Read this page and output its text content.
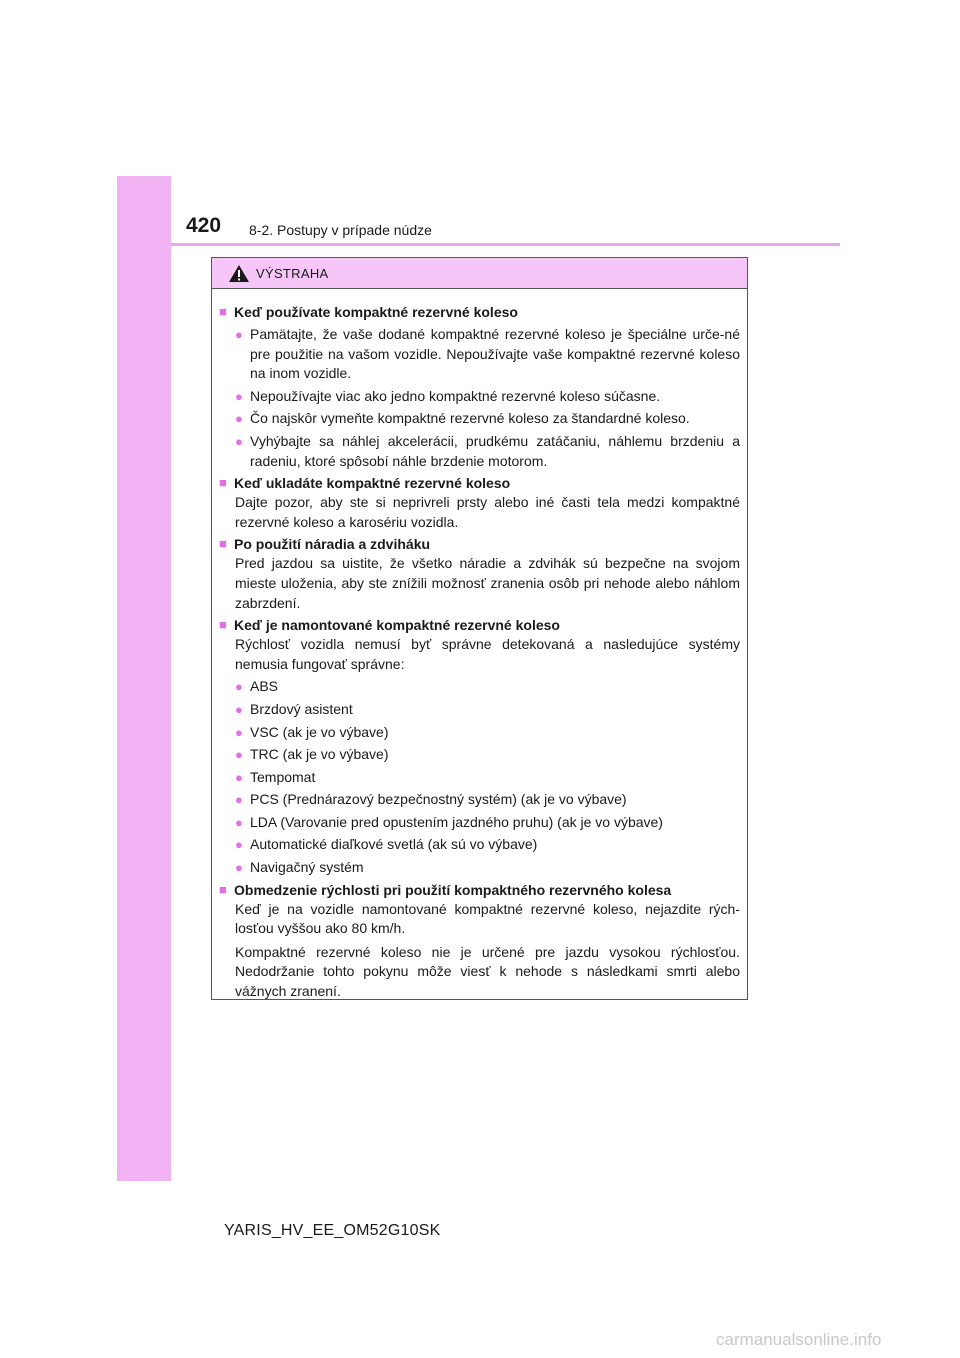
420 8-2. Postupy v prípade núdze
VÝSTRAHA
■ Keď používate kompaktné rezervné koleso
● Pamätajte, že vaše dodané kompaktné rezervné koleso je špeciálne urče-né pre použitie na vašom vozidle. Nepoužívajte vaše kompaktné rezervné koleso na inom vozidle.
● Nepoužívajte viac ako jedno kompaktné rezervné koleso súčasne.
● Čo najskôr vymeňte kompaktné rezervné koleso za štandardné koleso.
● Vyhýbajte sa náhlej akcelerácii, prudkému zatáčaniu, náhlemu brzdeniu a radeniu, ktoré spôsobí náhle brzdenie motorom.
■ Keď ukladáte kompaktné rezervné koleso
Dajte pozor, aby ste si neprivreli prsty alebo iné časti tela medzi kompaktné rezervné koleso a karosériu vozidla.
■ Po použití náradia a zdviháku
Pred jazdou sa uistite, že všetko náradie a zdvihák sú bezpečne na svojom mieste uloženia, aby ste znížili možnosť zranenia osôb pri nehode alebo náhlom zabrzdení.
■ Keď je namontované kompaktné rezervné koleso
Rýchlosť vozidla nemusí byť správne detekovaná a nasledujúce systémy nemusia fungovať správne:
● ABS
● Brzdový asistent
● VSC (ak je vo výbave)
● TRC (ak je vo výbave)
● Tempomat
● PCS (Prednárazový bezpečnostný systém) (ak je vo výbave)
● LDA (Varovanie pred opustením jazdného pruhu) (ak je vo výbave)
● Automatické diaľkové svetlá (ak sú vo výbave)
● Navigačný systém
■ Obmedzenie rýchlosti pri použití kompaktného rezervného kolesa
Keď je na vozidle namontované kompaktné rezervné koleso, nejazdite rých-losťou vyššou ako 80 km/h.
Kompaktné rezervné koleso nie je určené pre jazdu vysokou rýchlosťou. Nedodržanie tohto pokynu môže viesť k nehode s následkami smrti alebo vážnych zranení.
YARIS_HV_EE_OM52G10SK
carmanualsonline.info
